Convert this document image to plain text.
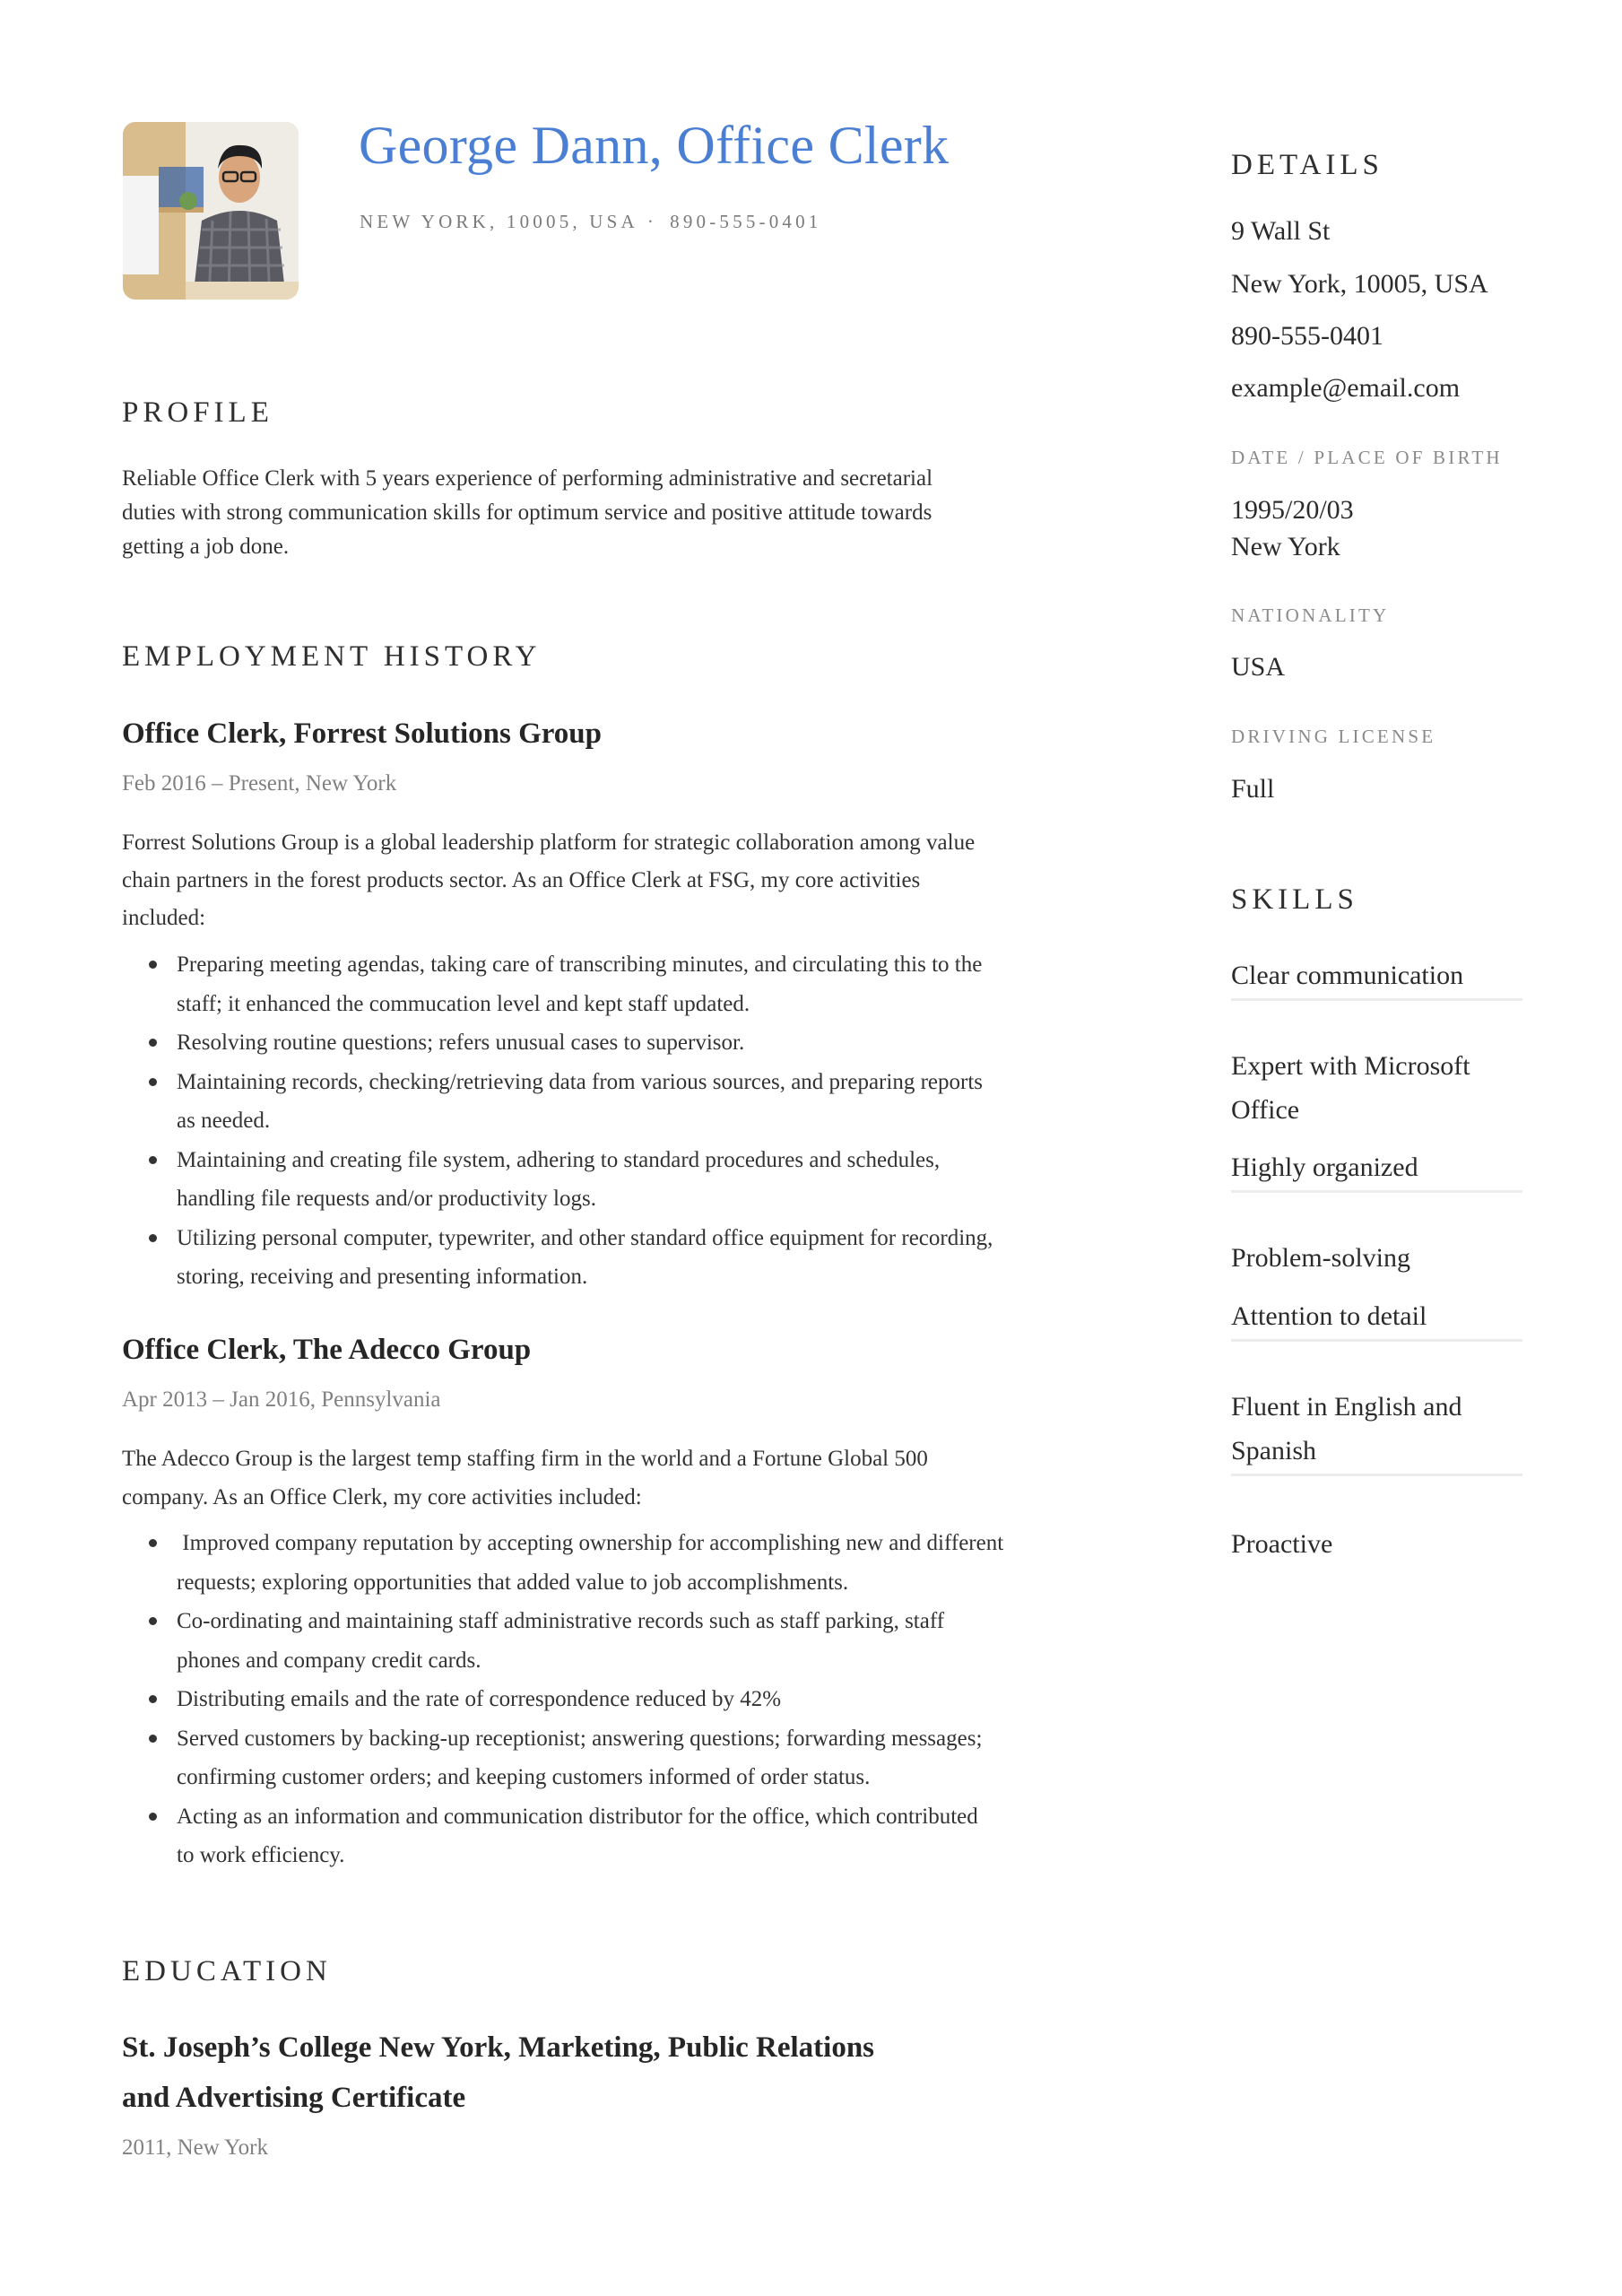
George Dann, Office Clerk
NEW YORK, 10005, USA · 890-555-0401
PROFILE
Reliable Office Clerk with 5 years experience of performing administrative and secretarial
duties with strong communication skills for optimum service and positive attitude towards
getting a job done.
EMPLOYMENT HISTORY
Office Clerk, Forrest Solutions Group
Feb 2016 – Present, New York
Forrest Solutions Group is a global leadership platform for strategic collaboration among value
chain partners in the forest products sector. As an Office Clerk at FSG, my core activities
included:
Preparing meeting agendas, taking care of transcribing minutes, and circulating this to the
staff; it enhanced the commucation level and kept staff updated.
Resolving routine questions; refers unusual cases to supervisor.
Maintaining records, checking/retrieving data from various sources, and preparing reports
as needed.
Maintaining and creating file system, adhering to standard procedures and schedules,
handling file requests and/or productivity logs.
Utilizing personal computer, typewriter, and other standard office equipment for recording,
storing, receiving and presenting information.
Office Clerk, The Adecco Group
Apr 2013 – Jan 2016, Pennsylvania
The Adecco Group is the largest temp staffing firm in the world and a Fortune Global 500
company. As an Office Clerk, my core activities included:
Improved company reputation by accepting ownership for accomplishing new and different
requests; exploring opportunities that added value to job accomplishments.
Co-ordinating and maintaining staff administrative records such as staff parking, staff
phones and company credit cards.
Distributing emails and the rate of correspondence reduced by 42%
Served customers by backing-up receptionist; answering questions; forwarding messages;
confirming customer orders; and keeping customers informed of order status.
Acting as an information and communication distributor for the office, which contributed
to work efficiency.
EDUCATION
St. Joseph’s College New York, Marketing, Public Relations
and Advertising Certificate
2011, New York
DETAILS
9 Wall St
New York, 10005, USA
890-555-0401
example@email.com
DATE / PLACE OF BIRTH
1995/20/03
New York
NATIONALITY
USA
DRIVING LICENSE
Full
SKILLS
Clear communication
Expert with Microsoft
Office
Highly organized
Problem-solving
Attention to detail
Fluent in English and
Spanish
Proactive
